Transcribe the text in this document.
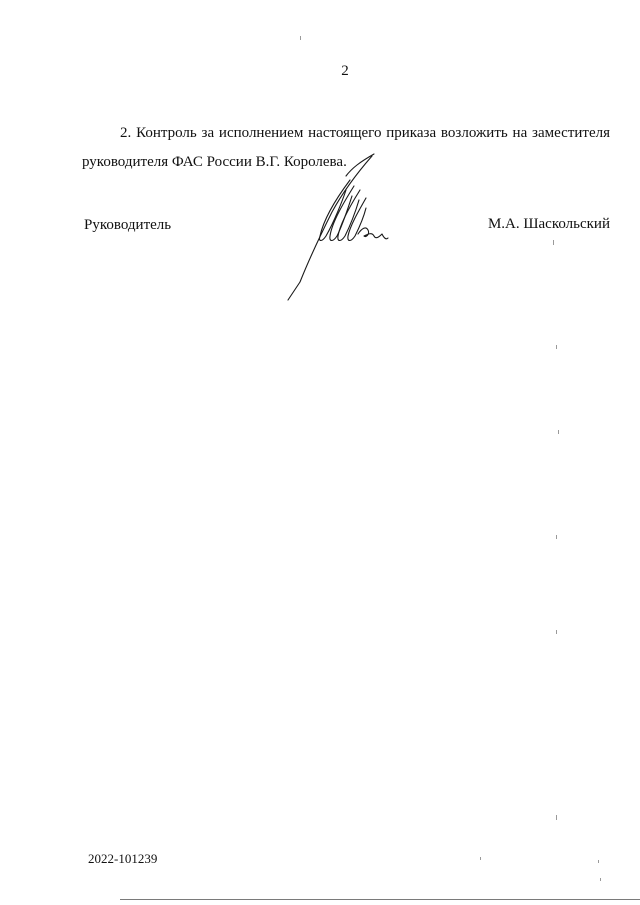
2

2. Контроль за исполнением настоящего приказа возложить на заместителя руководителя ФАС России В.Г. Королева.

Руководитель	М.А. Шаскольский
2022-101239
